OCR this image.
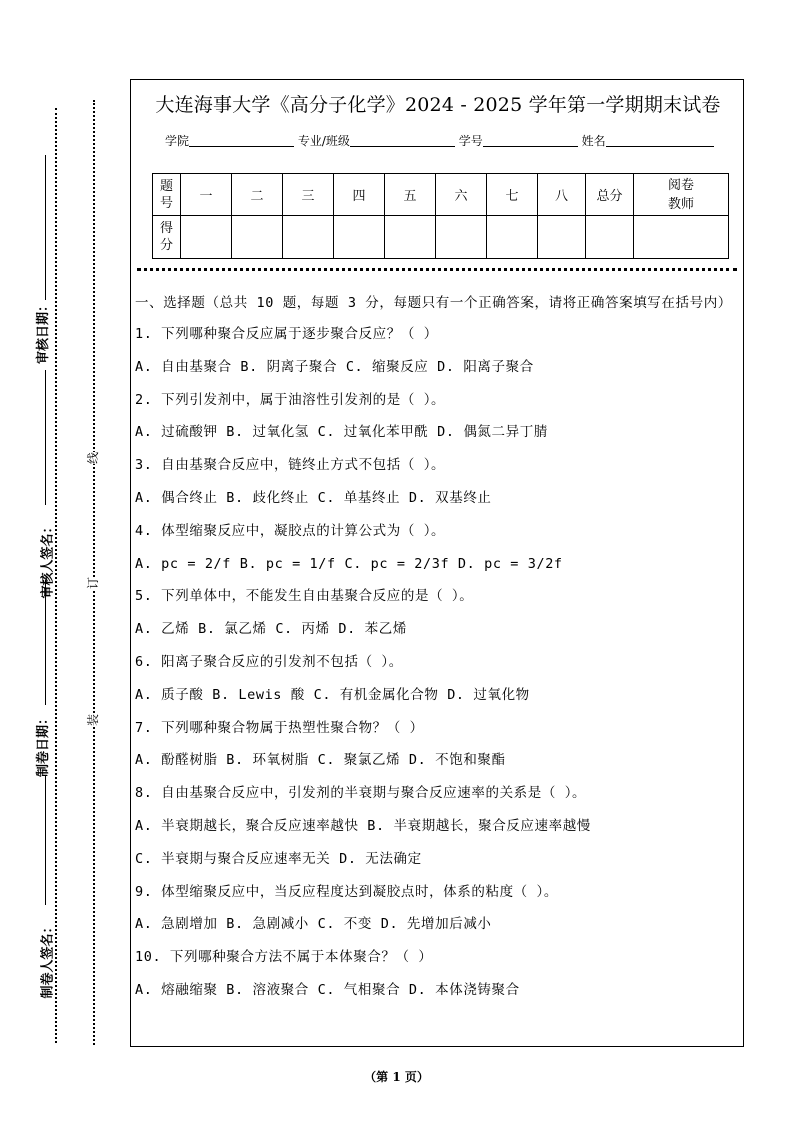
审核日期：
审核人签名：
制卷日期：
制卷人签名：
线
订
装
大连海事大学《高分子化学》2024 - 2025 学年第一学期期末试卷
学院	专业/班级	学号	姓名
题号	一	二	三	四	五	六	七	八	总分	阅卷教师

得分										

一、选择题（总共 10 题，每题 3 分，每题只有一个正确答案，请将正确答案填写在括号内）
1. 下列哪种聚合反应属于逐步聚合反应？（ ）
A. 自由基聚合 B. 阴离子聚合 C. 缩聚反应 D. 阳离子聚合
2. 下列引发剂中，属于油溶性引发剂的是（ ）。
A. 过硫酸钾 B. 过氧化氢 C. 过氧化苯甲酰 D. 偶氮二异丁腈
3. 自由基聚合反应中，链终止方式不包括（ ）。
A. 偶合终止 B. 歧化终止 C. 单基终止 D. 双基终止
4. 体型缩聚反应中，凝胶点的计算公式为（ ）。
A. pc = 2/f B. pc = 1/f C. pc = 2/3f D. pc = 3/2f
5. 下列单体中，不能发生自由基聚合反应的是（ ）。
A. 乙烯 B. 氯乙烯 C. 丙烯 D. 苯乙烯
6. 阳离子聚合反应的引发剂不包括（ ）。
A. 质子酸 B. Lewis 酸 C. 有机金属化合物 D. 过氧化物
7. 下列哪种聚合物属于热塑性聚合物？（ ）
A. 酚醛树脂 B. 环氧树脂 C. 聚氯乙烯 D. 不饱和聚酯
8. 自由基聚合反应中，引发剂的半衰期与聚合反应速率的关系是（ ）。
A. 半衰期越长，聚合反应速率越快 B. 半衰期越长，聚合反应速率越慢
C. 半衰期与聚合反应速率无关 D. 无法确定
9. 体型缩聚反应中，当反应程度达到凝胶点时，体系的粘度（ ）。
A. 急剧增加 B. 急剧减小 C. 不变 D. 先增加后减小
10. 下列哪种聚合方法不属于本体聚合？（ ）
A. 熔融缩聚 B. 溶液聚合 C. 气相聚合 D. 本体浇铸聚合
（第 1 页）
